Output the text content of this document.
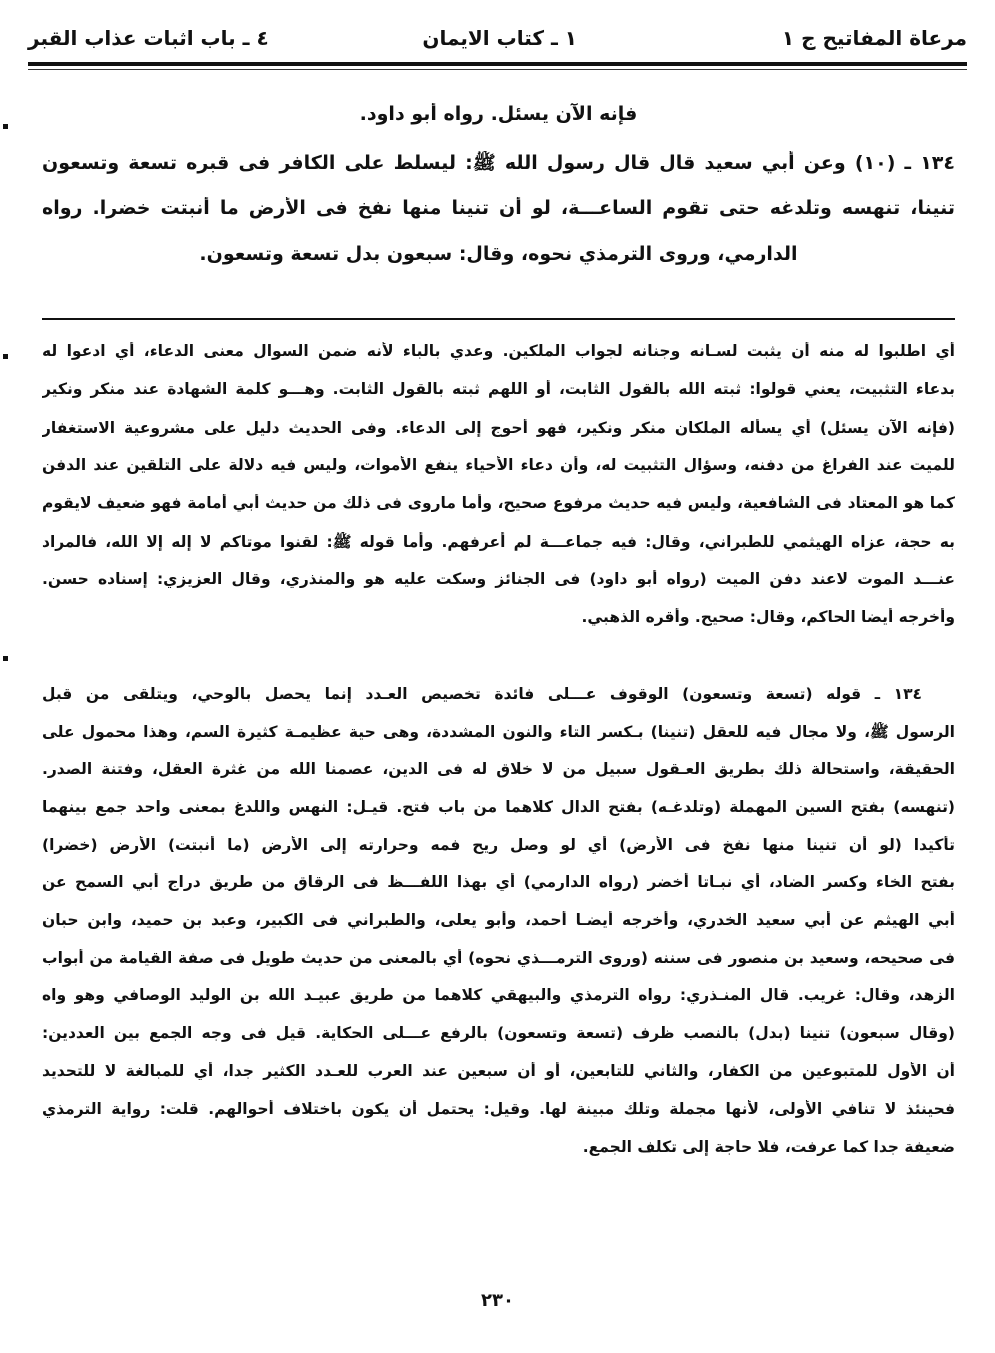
مرعاة المفاتيح ج ١
١ ـ كتاب الايمان
٤ ـ باب اثبات عذاب القبر
فإنه الآن يسئل. رواه أبو داود.
١٣٤ ـ (١٠) وعن أبي سعيد قال قال رسول الله ﷺ: ليسلط على الكافر فى قبره تسعة وتسعون
تنينا، تنهسه وتلدغه حتى تقوم الساعـــة، لو أن تنينا منها نفخ فى الأرض ما أنبتت خضرا. رواه
الدارمي، وروى الترمذي نحوه، وقال: سبعون بدل تسعة وتسعون.
أي اطلبوا له منه أن يثبت لسـانه وجنانه لجواب الملكين. وعدي بالباء لأنه ضمن السوال معنى الدعاء، أي ادعوا له
بدعاء التثبيت، يعني قولوا: ثبته الله بالقول الثابت، أو اللهم ثبته بالقول الثابت. وهـــو كلمة الشهادة عند منكر ونكير
(فإنه الآن يسئل) أي يسأله الملكان منكر ونكير، فهو أحوج إلى الدعاء. وفى الحديث دليل على مشروعية الاستغفار
للميت عند الفراغ من دفنه، وسؤال التثبيت له، وأن دعاء الأحياء ينفع الأموات، وليس فيه دلالة على التلقين عند الدفن
كما هو المعتاد فى الشافعية، وليس فيه حديث مرفوع صحيح، وأما ماروى فى ذلك من حديث أبي أمامة فهو ضعيف لايقوم
به حجة، عزاه الهيثمي للطبراني، وقال: فيه جماعـــة لم أعرفهم. وأما قوله ﷺ: لقنوا موتاكم لا إله إلا الله، فالمراد
عنـــد الموت لاعند دفن الميت (رواه أبو داود) فى الجنائز وسكت عليه هو والمنذري، وقال العزيزي: إسناده حسن.
وأخرجه أيضا الحاكم، وقال: صحيح. وأقره الذهبي.
١٣٤ ـ قوله (تسعة وتسعون) الوقوف عـــلى فائدة تخصيص العـدد إنما يحصل بالوحي، ويتلقى من قبل
الرسول ﷺ، ولا مجال فيه للعقل (تنينا) بـكسر التاء والنون المشددة، وهى حية عظيمـة كثيرة السم، وهذا محمول على
الحقيقة، واستحالة ذلك بطريق العـقول سبيل من لا خلاق له فى الدين، عصمنا الله من غثرة العقل، وفتنة الصدر.
(تنهسه) بفتح السين المهملة (وتلدغـه) بفتح الدال كلاهما من باب فتح. قيـل: النهس واللدغ بمعنى واحد جمع بينهما
تأكيدا (لو أن تنينا منها نفخ فى الأرض) أي لو وصل ريح فمه وحرارته إلى الأرض (ما أنبتت) الأرض (خضرا)
بفتح الخاء وكسر الضاد، أي نبـاتا أخضر (رواه الدارمي) أي بهذا اللفـــظ فى الرقاق من طريق دراج أبي السمح عن
أبي الهيثم عن أبي سعيد الخدري، وأخرجه أيضـا أحمد، وأبو يعلى، والطبراني فى الكبير، وعبد بن حميد، وابن حبان
فى صحيحه، وسعيد بن منصور فى سننه (وروى الترمـــذي نحوه) أي بالمعنى من حديث طويل فى صفة القيامة من أبواب
الزهد، وقال: غريب. قال المنـذري: رواه الترمذي والبيهقي كلاهما من طريق عبيـد الله بن الوليد الوصافي وهو واه
(وقال سبعون) تنينا (بدل) بالنصب ظرف (تسعة وتسعون) بالرفع عـــلى الحكاية. قيل فى وجه الجمع بين العددين:
أن الأول للمتبوعين من الكفار، والثاني للتابعين، أو أن سبعين عند العرب للعـدد الكثير جدا، أي للمبالغة لا للتحديد
فحينئذ لا تنافي الأولى، لأنها مجملة وتلك مبينة لها. وقيل: يحتمل أن يكون باختلاف أحوالهم. قلت: رواية الترمذي
ضعيفة جدا كما عرفت، فلا حاجة إلى تكلف الجمع.
٢٣٠
